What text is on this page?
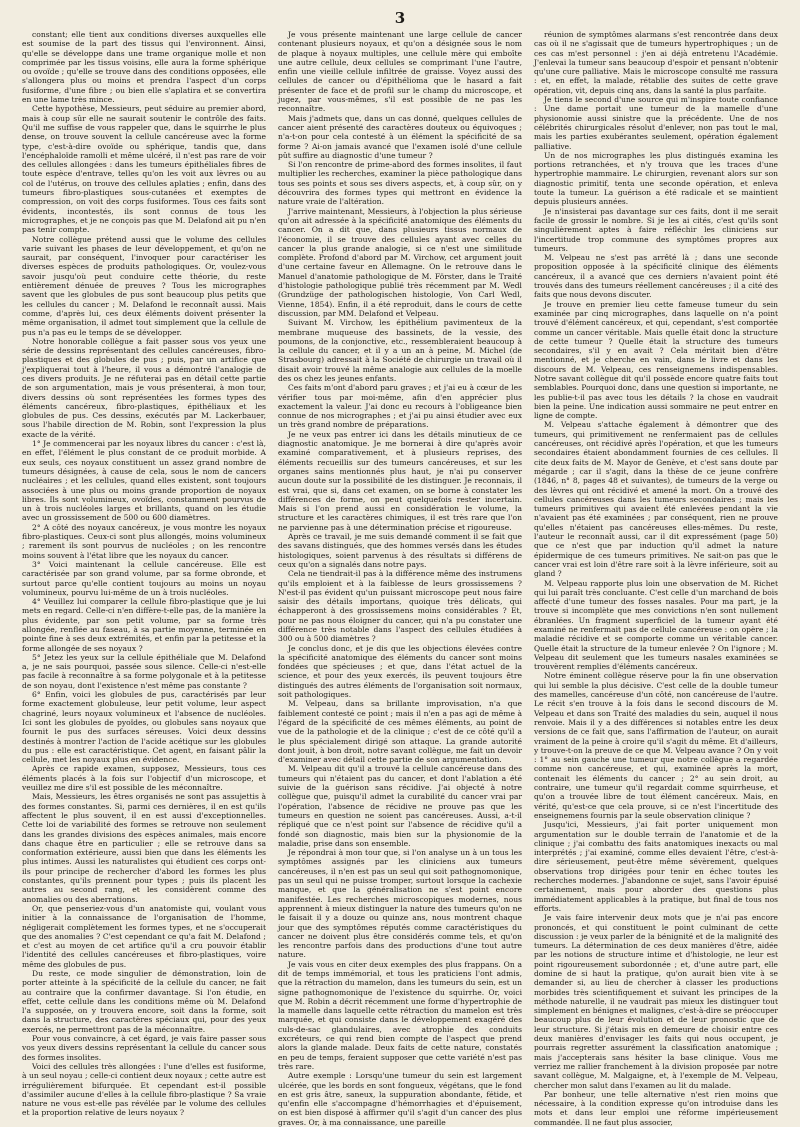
3

constant; elle tient aux conditions diverses auxquelles elle est soumise de la part des tissus qui l'environnent. Ainsi, qu'elle se développe dans une trame organique molle et non comprimée par les tissus voisins, elle aura la forme sphérique ou ovoïde ; qu'elle se trouve dans des conditions opposées, elle s'allongera plus ou moins et prendra l'aspect d'un corps fusiforme, d'une fibre ; ou bien elle s'aplatira et se convertira en une lame très mince.

Cette hypothèse, Messieurs, peut séduire au premier abord, mais à coup sûr elle ne saurait soutenir le contrôle des faits. Qu'il me suffise de vous rappeler que, dans le squirrhe le plus dense, on trouve souvent la cellule cancéreuse avec la forme type, c'est-à-dire ovoïde ou sphérique, tandis que, dans l'encéphaloïde ramolli et même ulcéré, il n'est pas rare de voir des cellules allongées : dans les tumeurs épithéliales fibres de toute espèce d'entrave, telles qu'on les voit aux lèvres ou au col de l'utérus, on trouve des cellules aplaties ; enfin, dans des tumeurs fibro-plastiques sous-cutanées et exemptes de compression, on voit des corps fusiformes. Tous ces faits sont évidents, incontestés, ils sont connus de tous les micrographes, et je ne conçois pas que M. Delafond ait pu n'en pas tenir compte.

Notre collègue prétend aussi que le volume des cellules varie suivant les phases de leur développement, et qu'on ne saurait, par conséquent, l'invoquer pour caractériser les diverses espèces de produits pathologiques. Or, voulez-vous savoir jusqu'où peut conduire cette théorie, du reste entièrement dénuée de preuves ? Tous les micrographes savent que les globules de pus sont beaucoup plus petits que les cellules du cancer ; M. Delafond le reconnaît aussi. Mais comme, d'après lui, ces deux éléments doivent présenter la même organisation, il admet tout simplement que la cellule de pus n'a pas eu le temps de se développer.

Notre honorable collègue a fait passer sous vos yeux une série de dessins représentant des cellules cancéreuses, fibro-plastiques et des globules de pus ; puis, par un artifice que j'expliquerai tout à l'heure, il vous a démontré l'analogie de ces divers produits. Je ne réfuterai pas en détail cette partie de son argumentation, mais je vous présenterai, à mon tour, divers dessins où sont représentées les formes types des éléments cancéreux, fibro-plastiques, épithéliaux et les globules de pus. Ces dessins, exécutés par M. Lackerbauer, sous l'habile direction de M. Robin, sont l'expression la plus exacte de la vérité.

1° Je commencerai par les noyaux libres du cancer : c'est là, en effet, l'élément le plus constant de ce produit morbide. A eux seuls, ces noyaux constituent un assez grand nombre de tumeurs désignées, à cause de cela, sous le nom de cancers nucléaires ; et les cellules, quand elles existent, sont toujours associées à une plus ou moins grande proportion de noyaux libres. Ils sont volumineux, ovoïdes, constamment pourvus de un à trois nucléoles larges et brillants, quand on les étudie avec un grossissement de 500 ou 600 diamètres.

2° A côté des noyaux cancéreux, je vous montre les noyaux fibro-plastiques. Ceux-ci sont plus allongés, moins volumineux ; rarement ils sont pourvus de nucléoles ; on les rencontre moins souvent à l'état libre que les noyaux du cancer.

3° Voici maintenant la cellule cancéreuse. Elle est caractérisée par son grand volume, par sa forme obronde, et surtout parce qu'elle contient toujours au moins un noyau volumineux, pourvu lui-même de un à trois nucléoles.

4° Veuillez lui comparer la cellule fibro-plastique que je lui mets en regard. Celle-ci n'en diffère-t-elle pas, de la manière la plus évidente, par son petit volume, par sa forme très allongée, renflée au faseau, à sa partie moyenne, terminée en pointe fine à ses deux extrémités, et enfin par la petitesse et la forme allongée de ses noyaux ?

5° Jetez les yeux sur la cellule épithéliale que M. Delafond a, je ne sais pourquoi, passée sous silence. Celle-ci n'est-elle pas facile à reconnaître à sa forme polygonale et à la petitesse de son noyau, dont l'existence n'est même pas constante ?

6° Enfin, voici les globules de pus, caractérisés par leur forme exactement globuleuse, leur petit volume, leur aspect chagriné, leurs noyaux volumineux et l'absence de nucléoles. Ici sont les globules de pyoïdes, ou globules sans noyaux que fournit le pus des surfaces séreuses. Voici deux dessins destinés à montrer l'action de l'acide acétique sur les globules du pus : elle est caractéristique. Cet agent, en faisant pâlir la cellule, met les noyaux plus en évidence.

Après ce rapide examen, supposez, Messieurs, tous ces éléments placés à la fois sur l'objectif d'un microscope, et veuillez me dire s'il est possible de les méconnaître.

Mais, Messieurs, les êtres organisés ne sont pas assujettis à des formes constantes. Si, parmi ces dernières, il en est qu'ils affectent le plus souvent, il en est aussi d'exceptionnelles. Cette loi de variabilité des formes se retrouve non seulement dans les grandes divisions des espèces animales, mais encore dans chaque être en particulier ; elle se retrouve dans sa conformation extérieure, aussi bien que dans les éléments les plus intimes. Aussi les naturalistes qui étudient ces corps ont-ils pour principe de rechercher d'abord les formes les plus constantes, qu'ils prennent pour types ; puis ils placent les autres au second rang, et les considèrent comme des anomalies ou des aberrations.

Or, que penseriez-vous d'un anatomiste qui, voulant vous initier à la connaissance de l'organisation de l'homme, négligerait complètement les formes types, et ne s'occuperait que des anomalies ? C'est cependant ce qu'a fait M. Delafond ; et c'est au moyen de cet artifice qu'il a cru pouvoir établir l'identité des cellules cancéreuses et fibro-plastiques, voire même des globules de pus.

Du reste, ce mode singulier de démonstration, loin de porter atteinte à la spécificité de la cellule du cancer, ne fait au contraire que la confirmer davantage. Si l'on étudie, en effet, cette cellule dans les conditions même où M. Delafond l'a supposée, on y trouvera encore, soit dans la forme, soit dans la structure, des caractères spéciaux qui, pour des yeux exercés, ne permettront pas de la méconnaître.

Pour vous convaincre, à cet égard, je vais faire passer sous vos yeux divers dessins représentant la cellule du cancer sous des formes insolites.

Voici des cellules très allongées : l'une d'elles est fusiforme, à un seul noyau ; celle-ci contient deux noyaux ; cette autre est irrégulièrement bifurquée. Et cependant est-il possible d'assimiler aucune d'elles à la cellule fibro-plastique ? Sa vraie nature ne vous est-elle pas révélée par le volume des cellules et la proportion relative de leurs noyaux ?

Je vous présente maintenant une large cellule de cancer contenant plusieurs noyaux, et qu'on a désignée sous le nom de plaque à noyaux multiples, une cellule mère qui emboîte une autre cellule, deux cellules se comprimant l'une l'autre, enfin une vieille cellule infiltrée de graisse. Voyez aussi des cellules de cancer ou d'épithélioma que le hasard a fait présenter de face et de profil sur le champ du microscope, et jugez, par vous-mêmes, s'il est possible de ne pas les reconnaître.

Mais j'admets que, dans un cas donné, quelques cellules de cancer aient présenté des caractères douteux ou équivoques ; n'a-t-on pour cela contesté à un élément la spécificité de sa forme ? Ai-on jamais avancé que l'examen isolé d'une cellule pût suffire au diagnostic d'une tumeur ?

Si l'on rencontre de prime-abord des formes insolites, il faut multiplier les recherches, examiner la pièce pathologique dans tous ses points et sous ses divers aspects, et, à coup sûr, on y découvrira des formes types qui mettront en évidence la nature vraie de l'altération.

J'arrive maintenant, Messieurs, à l'objection la plus sérieuse qu'on ait adressée à la spécificité anatomique des éléments du cancer. On a dit que, dans plusieurs tissus normaux de l'économie, il se trouve des cellules ayant avec celles du cancer la plus grande analogie, si ce n'est une similitude complète. Profond d'abord par M. Virchow, cet argument jouit d'une certaine faveur en Allemagne. On le retrouve dans le Manuel d'anatomie pathologique de M. Förster, dans le Traité d'histologie pathologique publié très récemment par M. Wedl (Grundzüge der pathologischen histologie, Von Carl Wedl, Vienne, 1854). Enfin, il a été reproduit, dans le cours de cette discussion, par MM. Delafond et Velpeau.

Suivant M. Virchow, les épithélium pavimenteux de la membrane muqueuse des bassinets, de la vessie, des poumons, de la conjonctive, etc., ressembleraient beaucoup à la cellule du cancer, et il y a un an à peine, M. Michel (de Strasbourg) adressait à la Société de chirurgie un travail où il disait avoir trouvé la même analogie aux cellules de la moelle des os chez les jeunes enfants.

Ces faits m'ont d'abord paru graves ; et j'ai eu à cœur de les vérifier tous par moi-même, afin d'en apprécier plus exactement la valeur. J'ai donc eu recours à l'obligeance bien connue de nos micrographes ; et j'ai pu ainsi étudier avec eux un très grand nombre de préparations.

Je ne veux pas entrer ici dans les détails minutieux de ce diagnostic anatomique. Je me bornerai à dire qu'après avoir examiné comparativement, et à plusieurs reprises, des éléments recueillis sur des tumeurs cancéreuses, et sur les organes sains mentionnés plus haut, je n'ai pu conserver aucun doute sur la possibilité de les distinguer. Je reconnais, il est vrai, que si, dans cet examen, on se borne à constater les différences de forme, on peut quelquefois rester incertain. Mais si l'on prend aussi en considération le volume, la structure et les caractères chimiques, il est très rare que l'on ne parvienne pas à une détermination précise et rigoureuse.

Après ce travail, je me suis demandé comment il se fait que des savans distingués, que des hommes versés dans les études histologiques, soient parvenus à des résultats si différens de ceux qu'on a signalés dans notre pays.

Cela ne tiendrait-il pas à la différence même des instrumens qu'ils emploient et à la faiblesse de leurs grossissemens ? N'est-il pas évident qu'un puissant microscope peut nous faire saisir des détails importans, quoique très délicats, qui échapperont à des grossissemens moins considérables ? Et, pour ne pas nous éloigner du cancer, qui n'a pu constater une différence très notable dans l'aspect des cellules étudiées à 300 ou à 500 diamètres ?

Je conclus donc, et je dis que les objections élevées contre la spécificité anatomique des éléments du cancer sont moins fondées que spécieuses ; et que, dans l'état actuel de la science, et pour des yeux exercés, ils peuvent toujours être distingués des autres éléments de l'organisation soit normaux, soit pathologiques.

M. Velpeau, dans sa brillante improvisation, n'a que faiblement contesté ce point ; mais il n'en a pas agi de même à l'égard de la spécificité de ces mêmes éléments, au point de vue de la pathologie et de la clinique ; c'est de ce côté qu'il a le plus spécialement dirigé son attaque. La grande autorité dont jouit, à bon droit, notre savant collègue, me fait un devoir d'examiner avec détail cette partie de son argumentation.

M. Velpeau dit qu'il a trouvé la cellule cancéreuse dans des tumeurs qui n'étaient pas du cancer, et dont l'ablation a été suivie de la guérison sans récidive. J'ai objecté à notre collègue que, puisqu'il admet la curabilité du cancer vrai par l'opération, l'absence de récidive ne prouve pas que les tumeurs en question ne soient pas cancéreuses. Aussi, a-t-il répliqué que ce n'est point sur l'absence de récidive qu'il a fondé son diagnostic, mais bien sur la physionomie de la maladie, prise dans son ensemble.

Je répondrai à mon tour que, si l'on analyse un à un tous les symptômes assignés par les cliniciens aux tumeurs cancéreuses, il n'en est pas un seul qui soit pathognomonique, pas un seul qui ne puisse tromper, surtout lorsque la cachexie manque, et que la généralisation ne s'est point encore manifestée. Les recherches microscopiques modernes, nous apprennent à mieux distinguer la nature des tumeurs qu'on ne le faisait il y a douze ou quinze ans, nous montrent chaque jour que des symptômes réputés comme caractéristiques du cancer ne doivent plus être considérés comme tels, et qu'on les rencontre parfois dans des productions d'une tout autre nature.

Je vais vous en citer deux exemples des plus frappans. On a dit de temps immémorial, et tous les praticiens l'ont admis, que la rétraction du mamelon, dans les tumeurs du sein, est un signe pathognomonique de l'existence du squirrhe. Or, voici que M. Robin a décrit récemment une forme d'hypertrophie de la mamelle dans laquelle cette rétraction du mamelon est très marquée, et qui consiste dans le développement exagéré des culs-de-sac glandulaires, avec atrophie des conduits excréteurs, ce qui rend bien compte de l'aspect que prend alors la glande malade. Deux faits de cette nature, constatés en peu de temps, feraient supposer que cette variété n'est pas très rare.

Autre exemple : Lorsqu'une tumeur du sein est largement ulcérée, que les bords en sont fongueux, végétans, que le fond en est gris âtre, saneux, la suppuration abondante, fétide, et qu'enfin elle s'accompagne d'hémorrhagies et d'épuisement, on est bien disposé à affirmer qu'il s'agit d'un cancer des plus graves. Or, à ma connaissance, une pareille

réunion de symptômes alarmans s'est rencontrée dans deux cas où il ne s'agissait que de tumeurs hypertrophiques ; un de ces cas m'est personnel : j'en ai déjà entretenu l'Académie. J'enlevai la tumeur sans beaucoup d'espoir et pensant n'obtenir qu'une cure palliative. Mais le microscope consulté me rassura : et, en effet, la malade, rétablie des suites de cette grave opération, vit, depuis cinq ans, dans la santé la plus parfaite.

Je tiens le second d'une source qui m'inspire toute confiance : Une dame portait une tumeur de la mamelle d'une physionomie aussi sinistre que la précédente. Une de nos célébrités chirurgicales résolut d'enlever, non pas tout le mal, mais les parties exubérantes seulement, opération également palliative.

Un de nos micrographes les plus distingués examina les portions retranchées, et n'y trouva que les traces d'une hypertrophie mammaire. Le chirurgien, revenant alors sur son diagnostic primitif, tenta une seconde opération, et enleva toute la tumeur. La guérison a été radicale et se maintient depuis plusieurs années.

Je n'insisterai pas davantage sur ces faits, dont il me serait facile de grossir le nombre. Si je les ai cités, c'est qu'ils sont singulièrement aptes à faire réfléchir les cliniciens sur l'incertitude trop commune des symptômes propres aux tumeurs.

M. Velpeau ne s'est pas arrêté là ; dans une seconde proposition opposée à la spécificité clinique des éléments cancéreux, il a avancé que ces derniers n'avaient point été trouvés dans des tumeurs réellement cancéreuses ; il a cité des faits que nous devons discuter.

Je trouve en premier lieu cette fameuse tumeur du sein examinée par cinq micrographes, dans laquelle on n'a point trouvé d'élément cancéreux, et qui, cependant, s'est comportée comme un cancer véritable. Mais quelle était donc la structure de cette tumeur ? Quelle était la structure des tumeurs secondaires, s'il y en avait ? Cela méritait bien d'être mentionné, et je cherche en vain, dans le livre et dans les discours de M. Velpeau, ces renseignemens indispensables. Notre savant collègue dit qu'il possède encore quatre faits tout semblables. Pourquoi donc, dans une question si importante, ne les publie-t-il pas avec tous les détails ? la chose en vaudrait bien la peine. Une indication aussi sommaire ne peut entrer en ligne de compte.

M. Velpeau s'attache également à démontrer que des tumeurs, qui primitivement ne renfermaient pas de cellules cancéreuses, ont récidivé après l'opération, et que les tumeurs secondaires étaient abondamment fournies de ces cellules. Il cite deux faits de M. Mayor de Genève, et c'est sans doute par mégarde ; car il s'agit, dans la thèse de ce jeune confrère (1846, n° 8, pages 48 et suivantes), de tumeurs de la verge ou des lèvres qui ont récidivé et amené la mort. On a trouvé des cellules cancéreuses dans les tumeurs secondaires ; mais les tumeurs primitives qui avaient été enlevées pendant la vie n'avaient pas été examinées ; par conséquent, rien ne prouve qu'elles n'étaient pas cancéreuses elles-mêmes. Du reste, l'auteur le reconnaît aussi, car il dit expressément (page 50) que ce n'est que par induction qu'il admet la nature épidermique de ces tumeurs primitives. Ne sait-on pas que le cancer vrai est loin d'être rare soit à la lèvre inférieure, soit au gland ?

M. Velpeau rapporte plus loin une observation de M. Richet qui lui paraît très concluante. C'est celle d'un marchand de bois affecté d'une tumeur des fosses nasales. Pour ma part, je la trouve si incomplète que mes convictions n'en sont nullement ébranlées. Un fragment superficiel de la tumeur ayant été examiné ne renfermait pas de cellule cancéreuse : on opère ; la maladie récidive et se comporte comme un véritable cancer. Quelle était la structure de la tumeur enlevée ? On l'ignore ; M. Velpeau dit seulement que les tumeurs nasales examinées se trouvèrent remplies d'éléments cancéreux.

Notre éminent collègue réserve pour la fin une observation qui lui semble la plus décisive. C'est celle de la double tumeur des mamelles, cancéreuse d'un côté, non cancéreuse de l'autre. Le récit s'en trouve à la fois dans le second discours de M. Velpeau et dans son Traité des maladies du sein, auquel il nous renvoie. Mais il y a des différences si notables entre les deux versions de ce fait que, sans l'affirmation de l'auteur, on aurait vraiment de la peine à croire qu'il s'agit du même. Et d'ailleurs, y trouve-t-on la preuve de ce que M. Velpeau avance ? On y voit : 1° au sein gauche une tumeur que notre collègue a regardée comme non cancéreuse, et qui, examinée après la mort, contenait les éléments du cancer ; 2° au sein droit, au contraire, une tumeur qu'il regardait comme squirrheuse, et qu'on a trouvée libre de tout élément cancéreux. Mais, en vérité, qu'est-ce que cela prouve, si ce n'est l'incertitude des enseignemens fournis par la seule observation clinique ?

Jusqu'ici, Messieurs, j'ai fait porter uniquement mon argumentation sur le double terrain de l'anatomie et de la clinique ; j'ai combattu des faits anatomiques inexacts ou mal interprétés ; j'ai examiné, comme elles devaient l'être, c'est-à-dire sérieusement, peut-être même sévèrement, quelques observations trop dirigées pour tenir en échec toutes les recherches modernes. J'abandonne ce sujet, sans l'avoir épuisé certainement, mais pour aborder des questions plus immédiatement applicables à la pratique, but final de tous nos efforts.

Je vais faire intervenir deux mots que je n'ai pas encore prononcés, et qui constituent le point culminant de cette discussion : je veux parler de la bénignité et de la malignité des tumeurs. La détermination de ces deux manières d'être, aidée par les notions de structure intime et d'histologie, ne leur est point rigoureusement subordonnée ; et, d'une autre part, elle domine de si haut la pratique, qu'on aurait bien vite à se demander si, au lieu de chercher à classer les productions morbides très scientifiquement et suivant les principes de la méthode naturelle, il ne vaudrait pas mieux les distinguer tout simplement en bénignes et malignes, c'est-à-dire se préoccuper beaucoup plus de leur évolution et de leur pronostic que de leur structure. Si j'étais mis en demeure de choisir entre ces deux manières d'envisager les faits qui nous occupent, je pourrais regretter assurément la classification anatomique ; mais j'accepterais sans hésiter la base clinique. Vous me verriez me rallier franchement à la division proposée par notre savant collègue, M. Malgaigne, et, à l'exemple de M. Velpeau, chercher mon salut dans l'examen au lit du malade.

Par bonheur, une telle alternative n'est rien moins que nécessaire, à la condition expresse qu'on introduise dans les mots et dans leur emploi une réforme impérieusement commandée. Il ne faut plus associer,
